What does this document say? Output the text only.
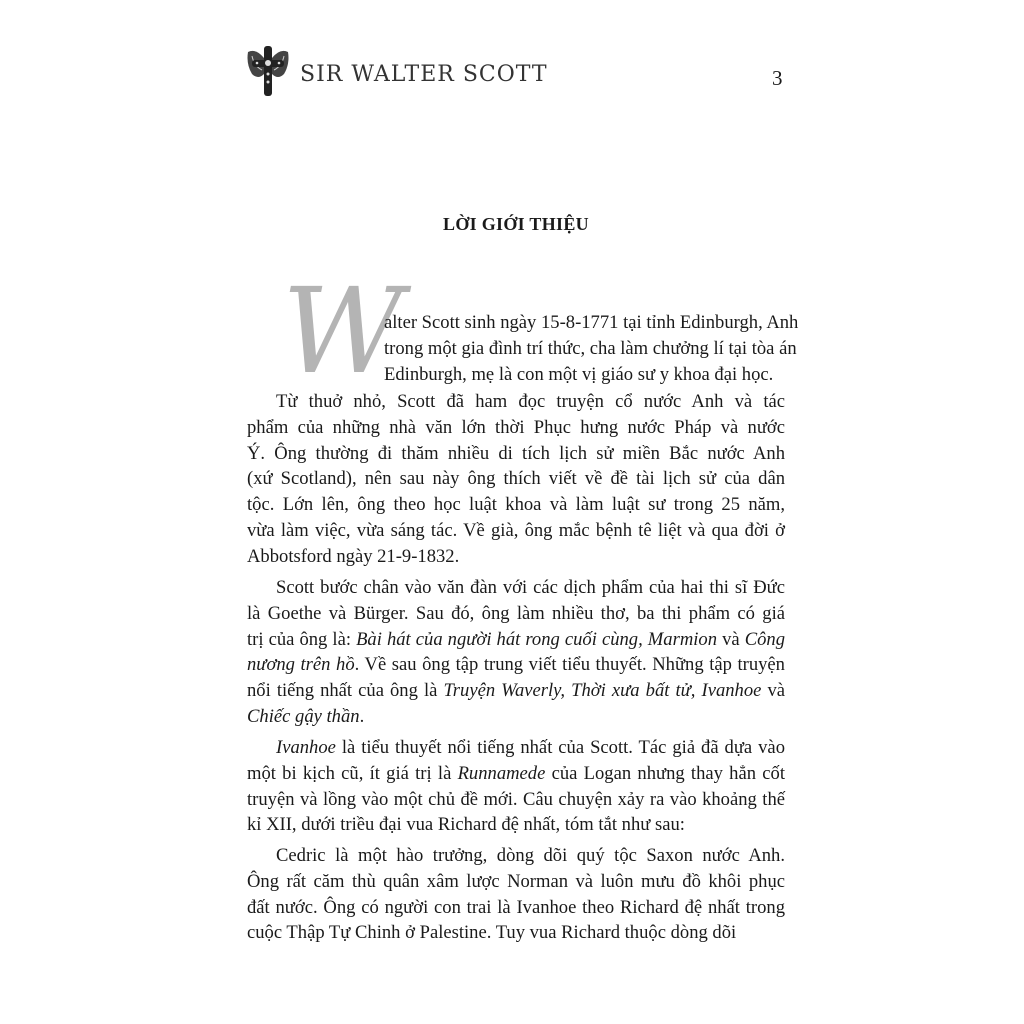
SIR WALTER SCOTT	3
LỜI GIỚI THIỆU
W
alter Scott sinh ngày 15-8-1771 tại tỉnh Edinburgh, Anh
trong một gia đình trí thức, cha làm chưởng lí tại tòa án
Edinburgh, mẹ là con một vị giáo sư y khoa đại học.
Từ thuở nhỏ, Scott đã ham đọc truyện cổ nước Anh và tác
phẩm của những nhà văn lớn thời Phục hưng nước Pháp và nước
Ý. Ông thường đi thăm nhiều di tích lịch sử miền Bắc nước Anh
(xứ Scotland), nên sau này ông thích viết về đề tài lịch sử của dân
tộc. Lớn lên, ông theo học luật khoa và làm luật sư trong 25 năm,
vừa làm việc, vừa sáng tác. Về già, ông mắc bệnh tê liệt và qua đời ở
Abbotsford ngày 21-9-1832.
Scott bước chân vào văn đàn với các dịch phẩm của hai thi sĩ Đức
là Goethe và Bürger. Sau đó, ông làm nhiều thơ, ba thi phẩm có giá
trị của ông là: Bài hát của người hát rong cuối cùng, Marmion và Công
nương trên hồ. Về sau ông tập trung viết tiểu thuyết. Những tập truyện
nổi tiếng nhất của ông là Truyện Waverly, Thời xưa bất tử, Ivanhoe và
Chiếc gậy thần.
Ivanhoe là tiểu thuyết nổi tiếng nhất của Scott. Tác giả đã dựa vào
một bi kịch cũ, ít giá trị là Runnamede của Logan nhưng thay hẳn cốt
truyện và lồng vào một chủ đề mới. Câu chuyện xảy ra vào khoảng thế
kỉ XII, dưới triều đại vua Richard đệ nhất, tóm tắt như sau:
Cedric là một hào trưởng, dòng dõi quý tộc Saxon nước Anh.
Ông rất căm thù quân xâm lược Norman và luôn mưu đồ khôi phục
đất nước. Ông có người con trai là Ivanhoe theo Richard đệ nhất trong
cuộc Thập Tự Chinh ở Palestine. Tuy vua Richard thuộc dòng dõi
